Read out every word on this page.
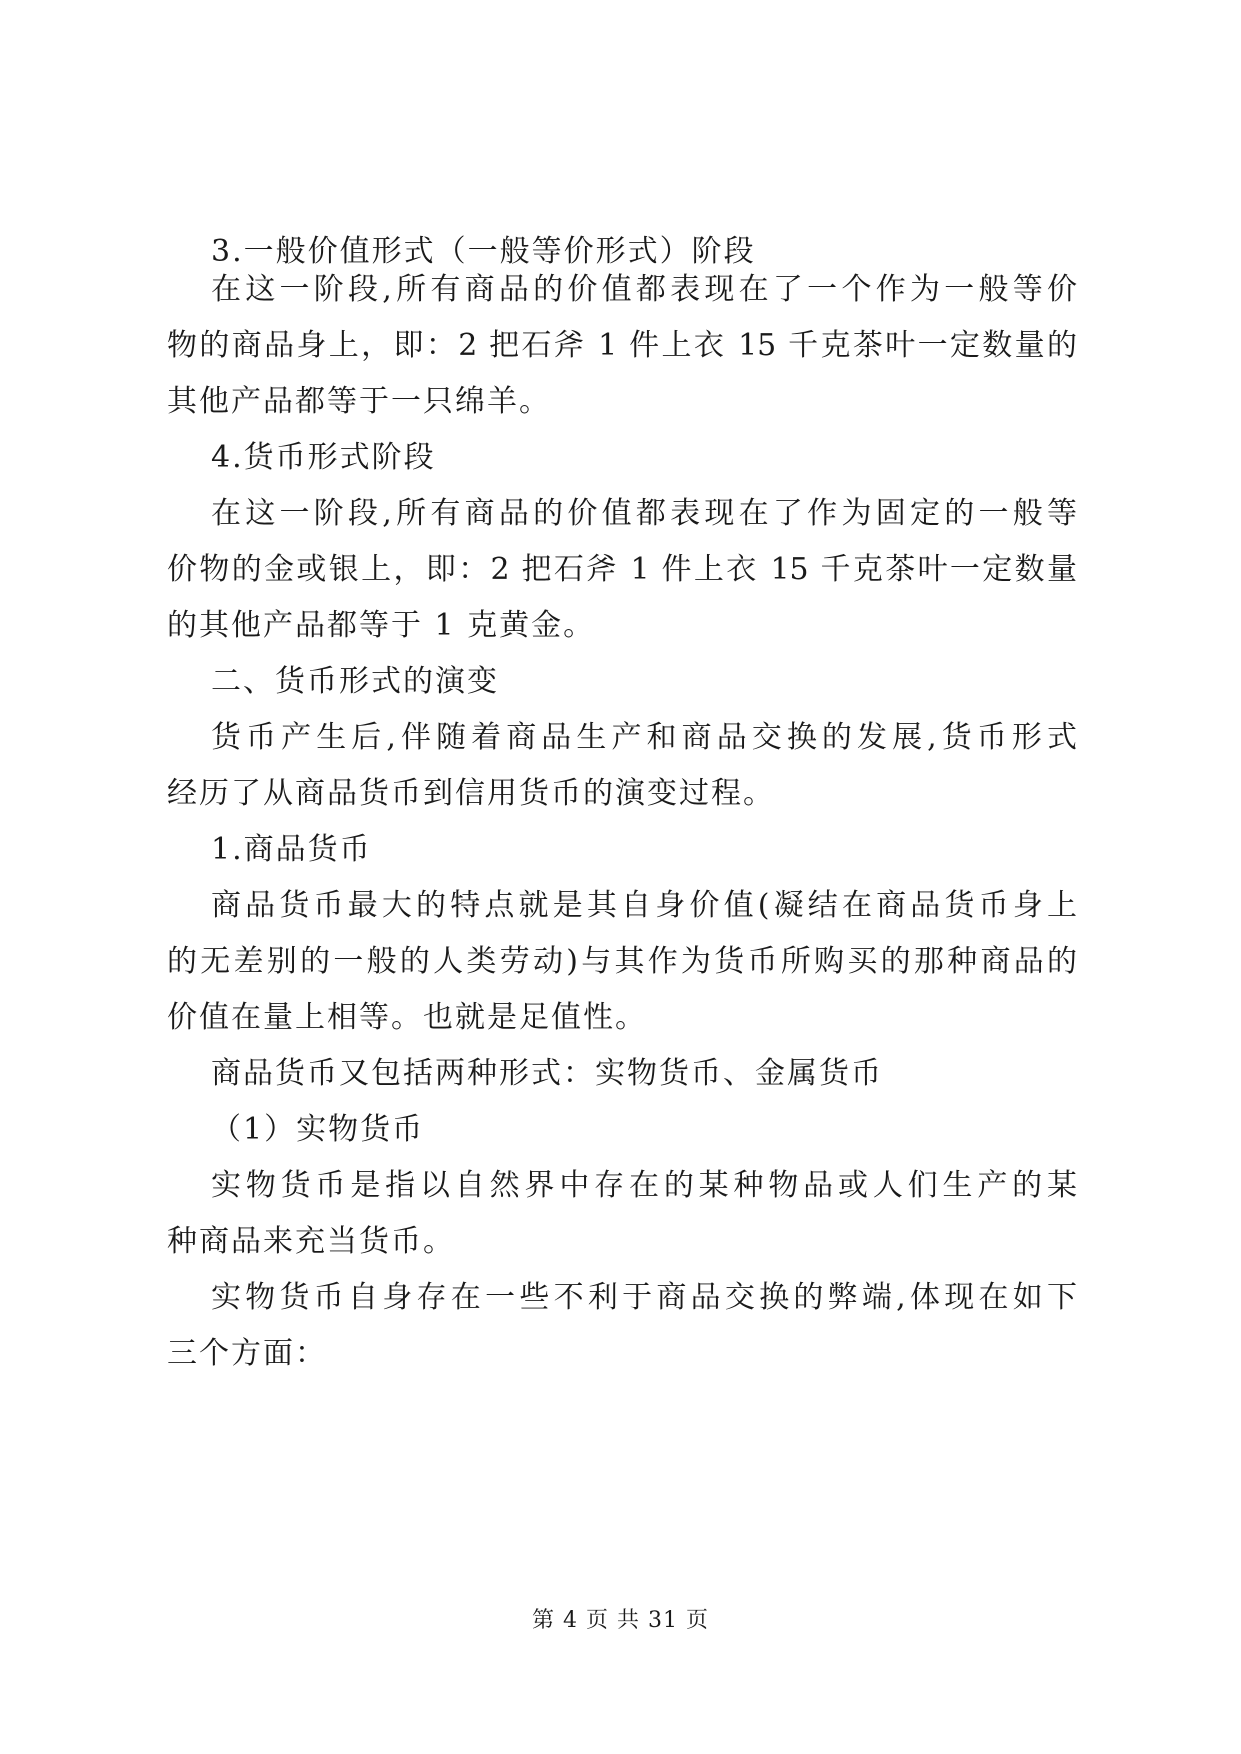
3.一般价值形式（一般等价形式）阶段
在这一阶段,所有商品的价值都表现在了一个作为一般等价
物的商品身上，即：2 把石斧 1 件上衣 15 千克茶叶一定数量的
其他产品都等于一只绵羊。
4.货币形式阶段
在这一阶段,所有商品的价值都表现在了作为固定的一般等
价物的金或银上，即：2 把石斧 1 件上衣 15 千克茶叶一定数量
的其他产品都等于 1 克黄金。
二、货币形式的演变
货币产生后,伴随着商品生产和商品交换的发展,货币形式
经历了从商品货币到信用货币的演变过程。
1.商品货币
商品货币最大的特点就是其自身价值(凝结在商品货币身上
的无差别的一般的人类劳动)与其作为货币所购买的那种商品的
价值在量上相等。也就是足值性。
商品货币又包括两种形式：实物货币、金属货币
（1）实物货币
实物货币是指以自然界中存在的某种物品或人们生产的某
种商品来充当货币。
实物货币自身存在一些不利于商品交换的弊端,体现在如下
三个方面：
第 4 页 共 31 页
